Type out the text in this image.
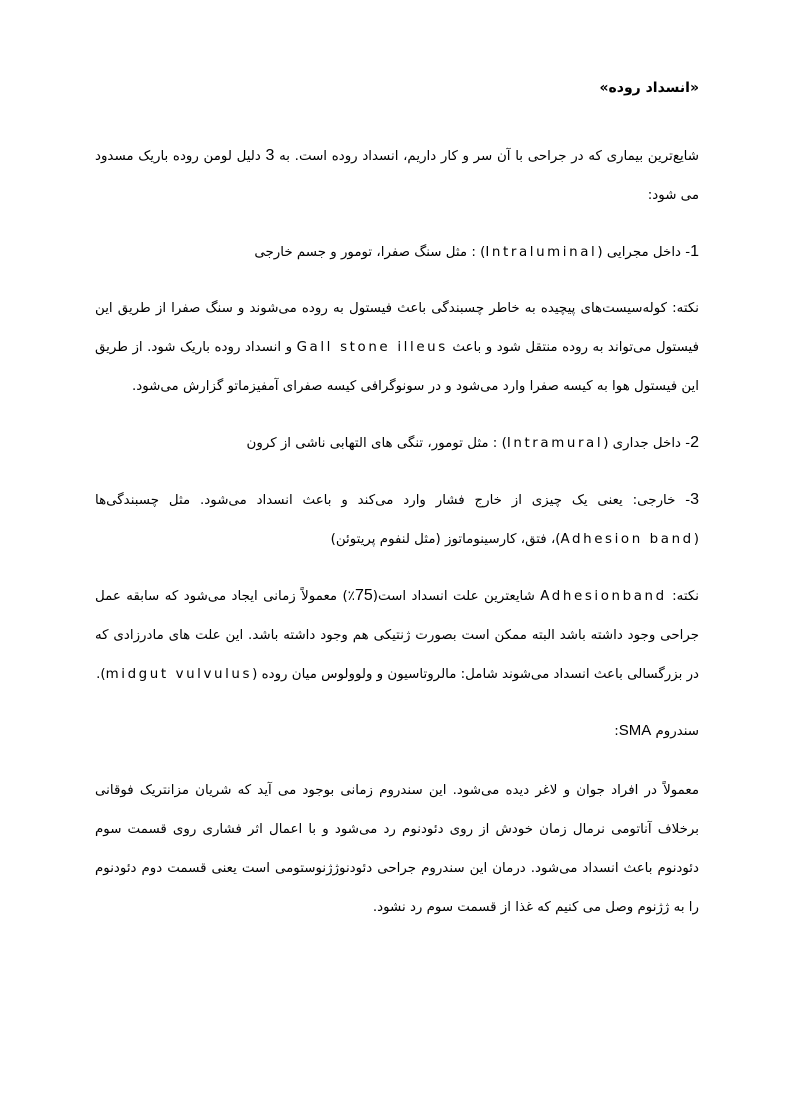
«انسداد روده»

شایع‌ترین بیماری که در جراحی با آن سر و کار داریم، انسداد روده است. به 3 دلیل لومن روده باریک مسدود می شود:

1- داخل مجرایی (Intraluminal) : مثل سنگ صفرا، تومور و جسم خارجی

نکته: کوله‌سیست‌های پیچیده به خاطر چسبندگی باعث فیستول به روده می‌شوند و سنگ صفرا از طریق این فیستول می‌تواند به روده منتقل شود و باعث Gall stone illeus و انسداد روده باریک شود. از طریق این فیستول هوا به کیسه صفرا وارد می‌شود و در سونوگرافی کیسه صفرای آمفیزماتو گزارش می‌شود.

2- داخل جداری (Intramural) : مثل تومور، تنگی های التهابی ناشی از کرون

3- خارجی: یعنی یک چیزی از خارج فشار وارد می‌کند و باعث انسداد می‌شود. مثل چسبندگی‌ها (Adhesion band)، فتق، کارسینوماتوز (مثل لنفوم پریتوئن)

نکته: Adhesionband شایعترین علت انسداد است(75٪) معمولاً زمانی ایجاد می‌شود که سابقه عمل جراحی وجود داشته باشد البته ممکن است بصورت ژنتیکی هم وجود داشته باشد. این علت های مادرزادی که در بزرگسالی باعث انسداد می‌شوند شامل: مالروتاسیون و ولوولوس میان روده (midgut vulvulus).

سندروم SMA:

معمولاً در افراد جوان و لاغر دیده می‌شود. این سندروم زمانی بوجود می آید که شریان مزانتریک فوقانی برخلاف آناتومی نرمال زمان خودش از روی دئودنوم رد می‌شود و با اعمال اثر فشاری روی قسمت سوم دئودنوم باعث انسداد می‌شود. درمان این سندروم جراحی دئودنوژژنوستومی است یعنی قسمت دوم دئودنوم را به ژژنوم وصل می کنیم که غذا از قسمت سوم رد نشود.
